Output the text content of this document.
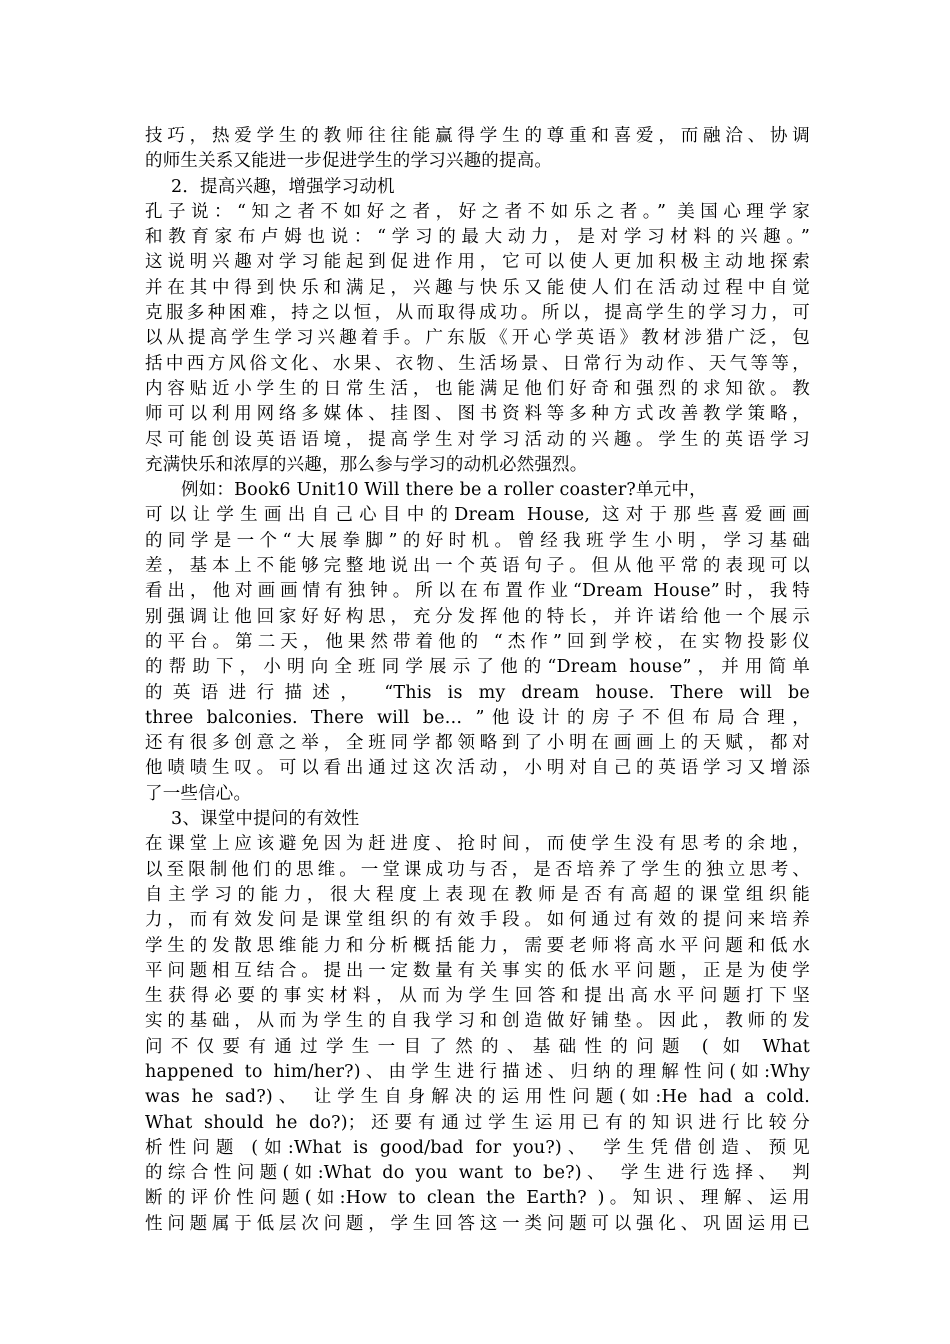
技巧，热爱学生的教师往往能赢得学生的尊重和喜爱，而融洽、协调
的师生关系又能进一步促进学生的学习兴趣的提高。
2．提高兴趣，增强学习动机
孔子说：“知之者不如好之者，好之者不如乐之者。” 美国心理学家
和教育家布卢姆也说：“学习的最大动力，是对学习材料的兴趣。”
这说明兴趣对学习能起到促进作用，它可以使人更加积极主动地探索
并在其中得到快乐和满足，兴趣与快乐又能使人们在活动过程中自觉
克服多种困难，持之以恒，从而取得成功。所以，提高学生的学习力，可
以从提高学生学习兴趣着手。广东版《开心学英语》教材涉猎广泛，包
括中西方风俗文化、水果、衣物、生活场景、日常行为动作、天气等等，
内容贴近小学生的日常生活，也能满足他们好奇和强烈的求知欲。教
师可以利用网络多媒体、挂图、图书资料等多种方式改善教学策略，
尽可能创设英语语境，提高学生对学习活动的兴趣。学生的英语学习
充满快乐和浓厚的兴趣，那么参与学习的动机必然强烈。
例如：Book6 Unit10 Will there be a roller coaster?单元中，
可以让学生画出自己心目中的Dream House, 这对于那些喜爱画画
的同学是一个“大展拳脚”的好时机。曾经我班学生小明，学习基础
差，基本上不能够完整地说出一个英语句子。但从他平常的表现可以
看出，他对画画情有独钟。所以在布置作业“Dream House”时，我特
别强调让他回家好好构思，充分发挥他的特长，并许诺给他一个展示
的平台。第二天，他果然带着他的 “杰作”回到学校，在实物投影仪
的帮助下，小明向全班同学展示了他的“Dream house”，并用简单
的英语进行描述， “This is my dream house. There will be
three balconies. There will be… ”他设计的房子不但布局合理，
还有很多创意之举，全班同学都领略到了小明在画画上的天赋，都对
他啧啧生叹。可以看出通过这次活动，小明对自己的英语学习又增添
了一些信心。
3、课堂中提问的有效性
在课堂上应该避免因为赶进度、抢时间，而使学生没有思考的余地，
以至限制他们的思维。一堂课成功与否，是否培养了学生的独立思考、
自主学习的能力，很大程度上表现在教师是否有高超的课堂组织能
力，而有效发问是课堂组织的有效手段。如何通过有效的提问来培养
学生的发散思维能力和分析概括能力，需要老师将高水平问题和低水
平问题相互结合。提出一定数量有关事实的低水平问题，正是为使学
生获得必要的事实材料，从而为学生回答和提出高水平问题打下坚
实的基础，从而为学生的自我学习和创造做好铺垫。因此，教师的发
问不仅要有通过学生一目了然的、基础性的问题 ( 如 What
happened to him/her?)、由学生进行描述、归纳的理解性问(如:Why
was he sad?)、 让学生自身解决的运用性问题(如:He had a cold.
What should he do?)；还要有通过学生运用已有的知识进行比较分
析性问题 (如:What is good/bad for you?)、 学生凭借创造、预见
的综合性问题(如:What do you want to be?)、 学生进行选择、 判
断的评价性问题(如:How to clean the Earth? )。知识、理解、运用
性问题属于低层次问题，学生回答这一类问题可以强化、巩固运用已
